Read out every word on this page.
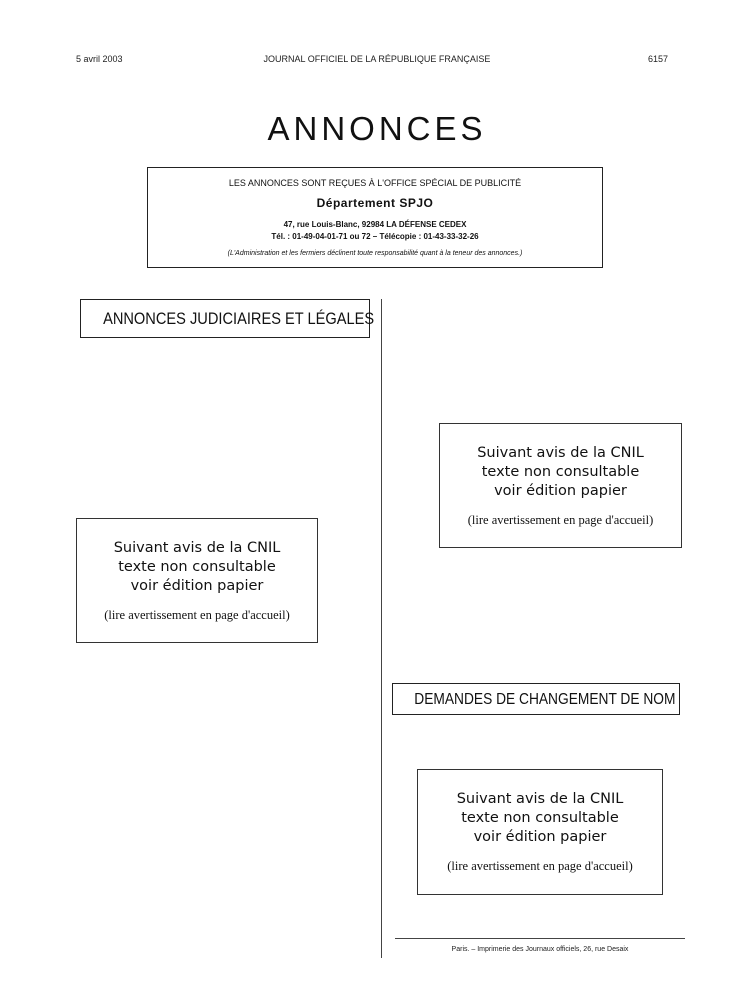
5 avril 2003	JOURNAL OFFICIEL DE LA RÉPUBLIQUE FRANÇAISE	6157
ANNONCES
LES ANNONCES SONT REÇUES À L'OFFICE SPÉCIAL DE PUBLICITÉ
Département SPJO
47, rue Louis-Blanc, 92984 LA DÉFENSE CEDEX
Tél. : 01-49-04-01-71 ou 72 – Télécopie : 01-43-33-32-26
(L'Administration et les fermiers déclinent toute responsabilité quant à la teneur des annonces.)
ANNONCES JUDICIAIRES ET LÉGALES
Suivant avis de la CNIL
texte non consultable
voir édition papier
(lire avertissement en page d'accueil)
Suivant avis de la CNIL
texte non consultable
voir édition papier
(lire avertissement en page d'accueil)
DEMANDES DE CHANGEMENT DE NOM
Suivant avis de la CNIL
texte non consultable
voir édition papier
(lire avertissement en page d'accueil)
Paris. – Imprimerie des Journaux officiels, 26, rue Desaix
